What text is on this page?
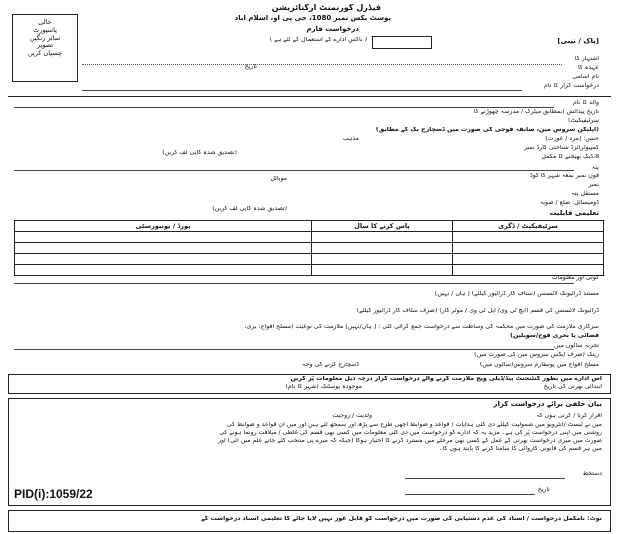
فیڈرل گورنمنٹ آرگنائزیشن
پوسٹ بکس نمبر 1080، جی پی او، اسلام آباد
درخواست فارم
( باکس ادارے کے استعمال کے لئے ہے )
خالی
پاسپورٹ
سائز رنگین
تصویر
چسپاں کریں
[پاک / نیبی]
اشتہار کا
تاریخ	عہدہ کا
نام اسامی
درخواست گزار کا نام
والد کا نام
تاریخ پیدائش (بمطابق میٹرک / مدرسہ چھوڑنے کا
سرٹیفیکیٹ)
(اپلیکن سروس مین، سابقہ فوجی کی صورت میں ڈسچارج بک کے مطابق)
جنس: [مرد / عورت]
مذہب
کمپیوٹرائزڈ شناختی کارڈ نمبر
(تصدیق شدہ کاپی لف کریں)
8،ڈیک بھیجنے کا مکمل
پتہ
فون نمبر بمعہ شہر کا کوڈ
موبائل
نمبر
مستقل پتہ
ڈومیسائل: ضلع / صوبہ
(تصدیق شدہ کاپی لف کریں)
تعلیمی قابلیت
سرٹیفیکیٹ / ڈگری	پاس کرنے کا سال	بورڈ / یونیورسٹی

کوئی اور معلومات
مستند ڈرائیونگ لائسنس (ستاف کار ڈرائیور کیلئے) [ ہاں / نہیں]
ڈرائیونگ لائسنس کی قسم (ایچ ٹی وی/ ایل ٹی وی / موٹر کار) (صرف سٹاف کار ڈرائیور کیلئے)
سرکاری ملازمت کی صورت میں محکمہ کی وساطت سے درخواست جمع کرائی گئی : [ ہاں/نہیں] ملازمت کی نوعیت (مسلح افواج: بری،
فضائی یا بحری فوج/سویلین)
تجربہ سالوں میں
رینک (صرف اپکس سروس مین کی صورت میں)
مسلح افواج میں یونیفارم سروس(سالوں میں)
ڈسچارج کرنے کی وجہ
اس ادارے میں بطور کنٹنجنٹ پیڈ/ڈیلی ویج ملازمت کرنے والے درخواست گزار درجہ ذیل معلومات پُر کریں
ابتدائی بھرتی کی تاریخ
موجودہ پوسٹنگ (شہر کا نام)
بیان حلفی برائے درخواست گزار
اقرار کرتا / کرتی ہوں کہ
ولدیت / زوجیت
میں نے ٹیسٹ /انٹرویو میں شمولیت کیلئے دی گئی ہدایات / قواعد و ضوابط اچھی طرح سے پڑھ اور سمجھ لئے ہیں اور میں ان قواعد و ضوابط کی
روشنی میں اپنی درخواست پُر کی ہے۔ مزید یہ کہ ادارے کو درخواست میں دی گئی معلومات میں کسی بھی قسم کی غلطی / میلافت رونما ہونے کی
صورت میں میری درخواست بھرتی کے عمل کے کسی بھی مرحلے میں مسترد کرنے کا اختیار ہوگا (جبکہ کہ میرے پی منتخب کئے جانے علم میں آئی) اور
میں ہر قسم کی قانونی کاروائی کا سامنا کرنے کا پابند ہوں گا۔
دستخط
تاریخ
PID(i):1059/22
نوٹ: نامکمل درخواست / اسناد کی عدم دستیابی کی صورت میں درخواست کو قابل غور نہیں لایا جائے گا تعلیمی اسناد درخواست کے
